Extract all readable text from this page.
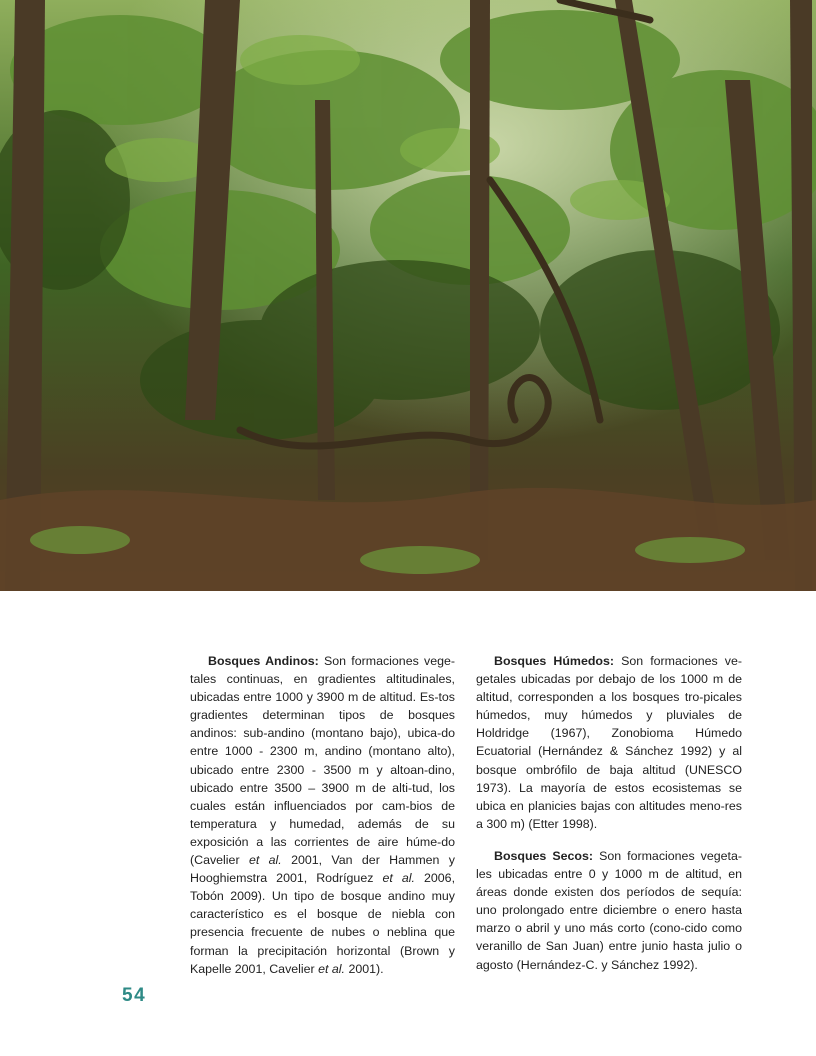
Bosques Andinos: Son formaciones vege-tales continuas, en gradientes altitudinales, ubicadas entre 1000 y 3900 m de altitud. Es-tos gradientes determinan tipos de bosques andinos: sub-andino (montano bajo), ubica-do entre 1000 - 2300 m, andino (montano alto), ubicado entre 2300 - 3500 m y altoan-dino, ubicado entre 3500 – 3900 m de alti-tud, los cuales están influenciados por cam-bios de temperatura y humedad, además de su exposición a las corrientes de aire húme-do (Cavelier et al. 2001, Van der Hammen y Hooghiemstra 2001, Rodríguez et al. 2006, Tobón 2009). Un tipo de bosque andino muy característico es el bosque de niebla con presencia frecuente de nubes o neblina que forman la precipitación horizontal (Brown y Kapelle 2001, Cavelier et al. 2001).

Bosques Húmedos: Son formaciones ve-getales ubicadas por debajo de los 1000 m de altitud, corresponden a los bosques tro-picales húmedos, muy húmedos y pluviales de Holdridge (1967), Zonobioma Húmedo Ecuatorial (Hernández & Sánchez 1992) y al bosque ombrófilo de baja altitud (UNESCO 1973). La mayoría de estos ecosistemas se ubica en planicies bajas con altitudes meno-res a 300 m) (Etter 1998).

Bosques Secos: Son formaciones vegeta-les ubicadas entre 0 y 1000 m de altitud, en áreas donde existen dos períodos de sequía: uno prolongado entre diciembre o enero hasta marzo o abril y uno más corto (cono-cido como veranillo de San Juan) entre junio hasta julio o agosto (Hernández-C. y Sánchez 1992).

54
